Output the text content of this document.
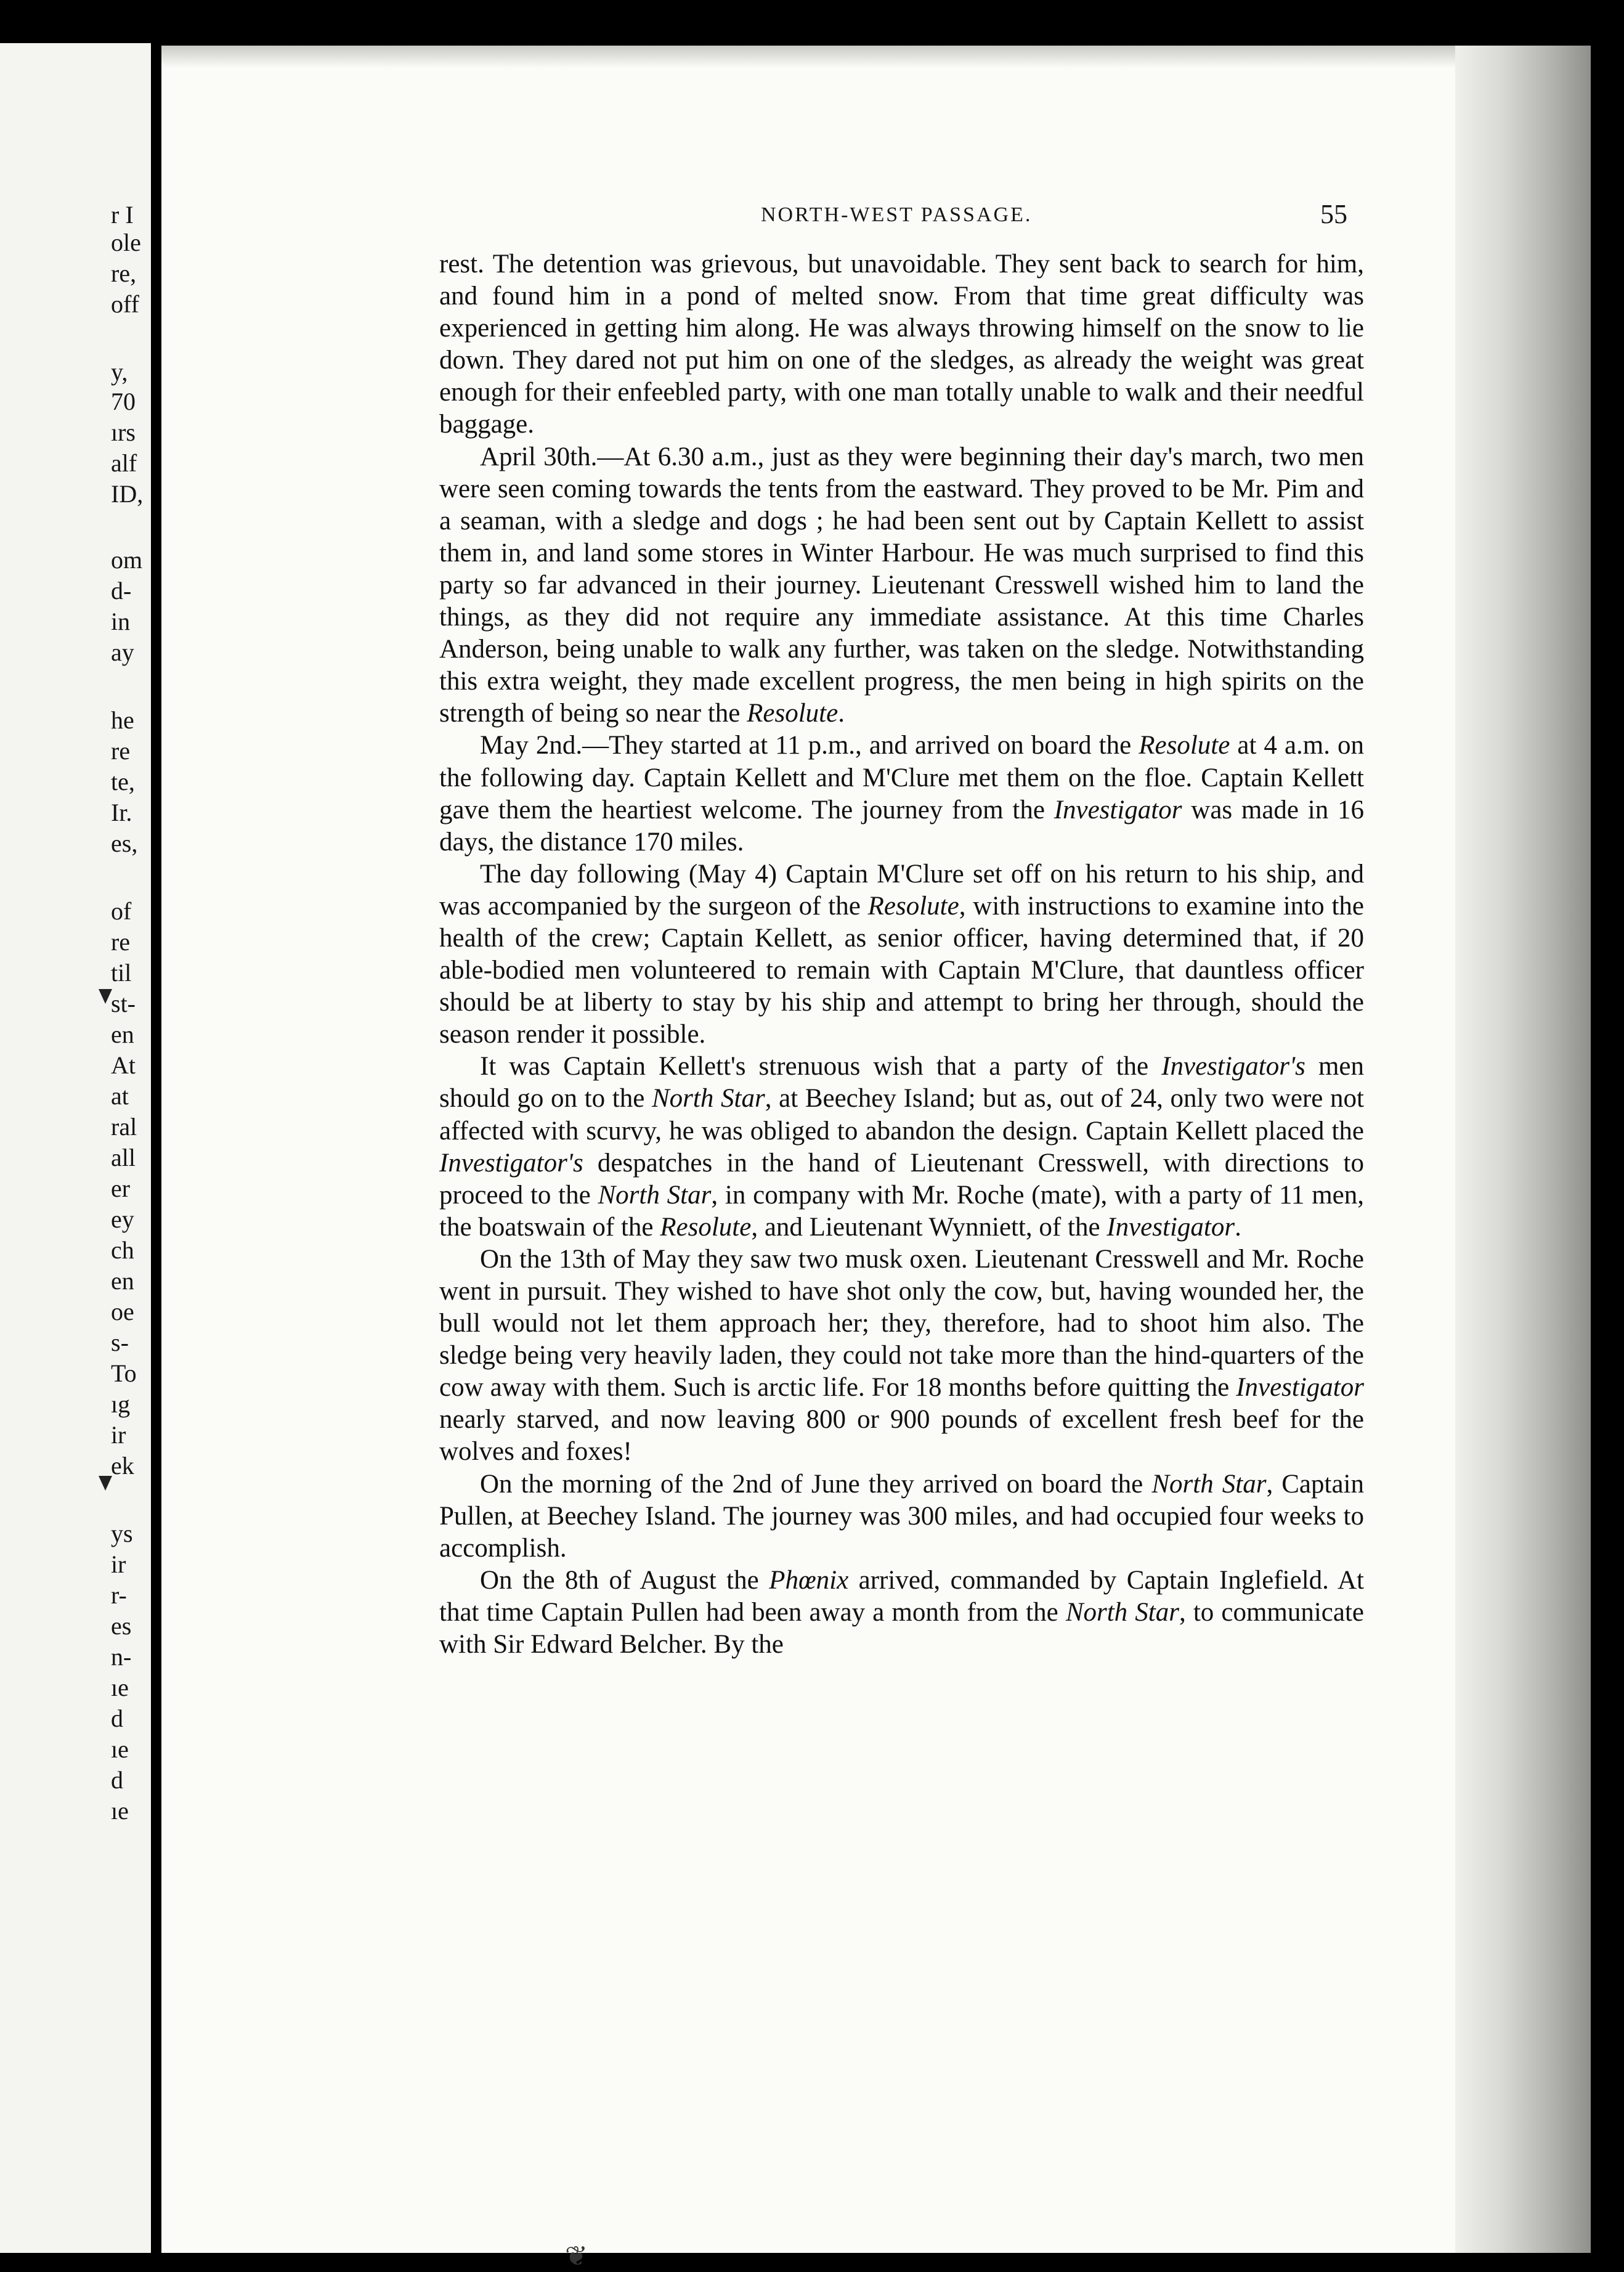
r I
ole
re,
off
y,
70
ırs
alf
ID,
om
d-
in
ay
he
re
te,
Ir.
es,
of
re
til
st-
en
At
at
ral
all
er
ey
ch
en
oe
s-
To
ıg
ir
ek
ys
ir
r-
es
n-
ıe
d
ıe
d
ıe
NORTH-WEST PASSAGE.	55

rest. The detention was grievous, but unavoidable. They sent back to search for him, and found him in a pond of melted snow. From that time great difficulty was experienced in getting him along. He was always throwing himself on the snow to lie down. They dared not put him on one of the sledges, as already the weight was great enough for their enfeebled party, with one man totally unable to walk and their needful baggage.

April 30th.—At 6.30 a.m., just as they were beginning their day's march, two men were seen coming towards the tents from the eastward. They proved to be Mr. Pim and a seaman, with a sledge and dogs ; he had been sent out by Captain Kellett to assist them in, and land some stores in Winter Harbour. He was much surprised to find this party so far advanced in their journey. Lieutenant Cresswell wished him to land the things, as they did not require any immediate assistance. At this time Charles Anderson, being unable to walk any further, was taken on the sledge. Notwithstanding this extra weight, they made excellent progress, the men being in high spirits on the strength of being so near the Resolute.

May 2nd.—They started at 11 p.m., and arrived on board the Resolute at 4 a.m. on the following day. Captain Kellett and M'Clure met them on the floe. Captain Kellett gave them the heartiest welcome. The journey from the Investigator was made in 16 days, the distance 170 miles.

The day following (May 4) Captain M'Clure set off on his return to his ship, and was accompanied by the surgeon of the Resolute, with instructions to examine into the health of the crew; Captain Kellett, as senior officer, having determined that, if 20 able-bodied men volunteered to remain with Captain M'Clure, that dauntless officer should be at liberty to stay by his ship and attempt to bring her through, should the season render it possible.

It was Captain Kellett's strenuous wish that a party of the Investigator's men should go on to the North Star, at Beechey Island; but as, out of 24, only two were not affected with scurvy, he was obliged to abandon the design. Captain Kellett placed the Investigator's despatches in the hand of Lieutenant Cresswell, with directions to proceed to the North Star, in company with Mr. Roche (mate), with a party of 11 men, the boatswain of the Resolute, and Lieutenant Wynniett, of the Investigator.

On the 13th of May they saw two musk oxen. Lieutenant Cresswell and Mr. Roche went in pursuit. They wished to have shot only the cow, but, having wounded her, the bull would not let them approach her; they, therefore, had to shoot him also. The sledge being very heavily laden, they could not take more than the hind-quarters of the cow away with them. Such is arctic life. For 18 months before quitting the Investigator nearly starved, and now leaving 800 or 900 pounds of excellent fresh beef for the wolves and foxes!

On the morning of the 2nd of June they arrived on board the North Star, Captain Pullen, at Beechey Island. The journey was 300 miles, and had occupied four weeks to accomplish.

On the 8th of August the Phœnix arrived, commanded by Captain Inglefield. At that time Captain Pullen had been away a month from the North Star, to communicate with Sir Edward Belcher. By the

❦
